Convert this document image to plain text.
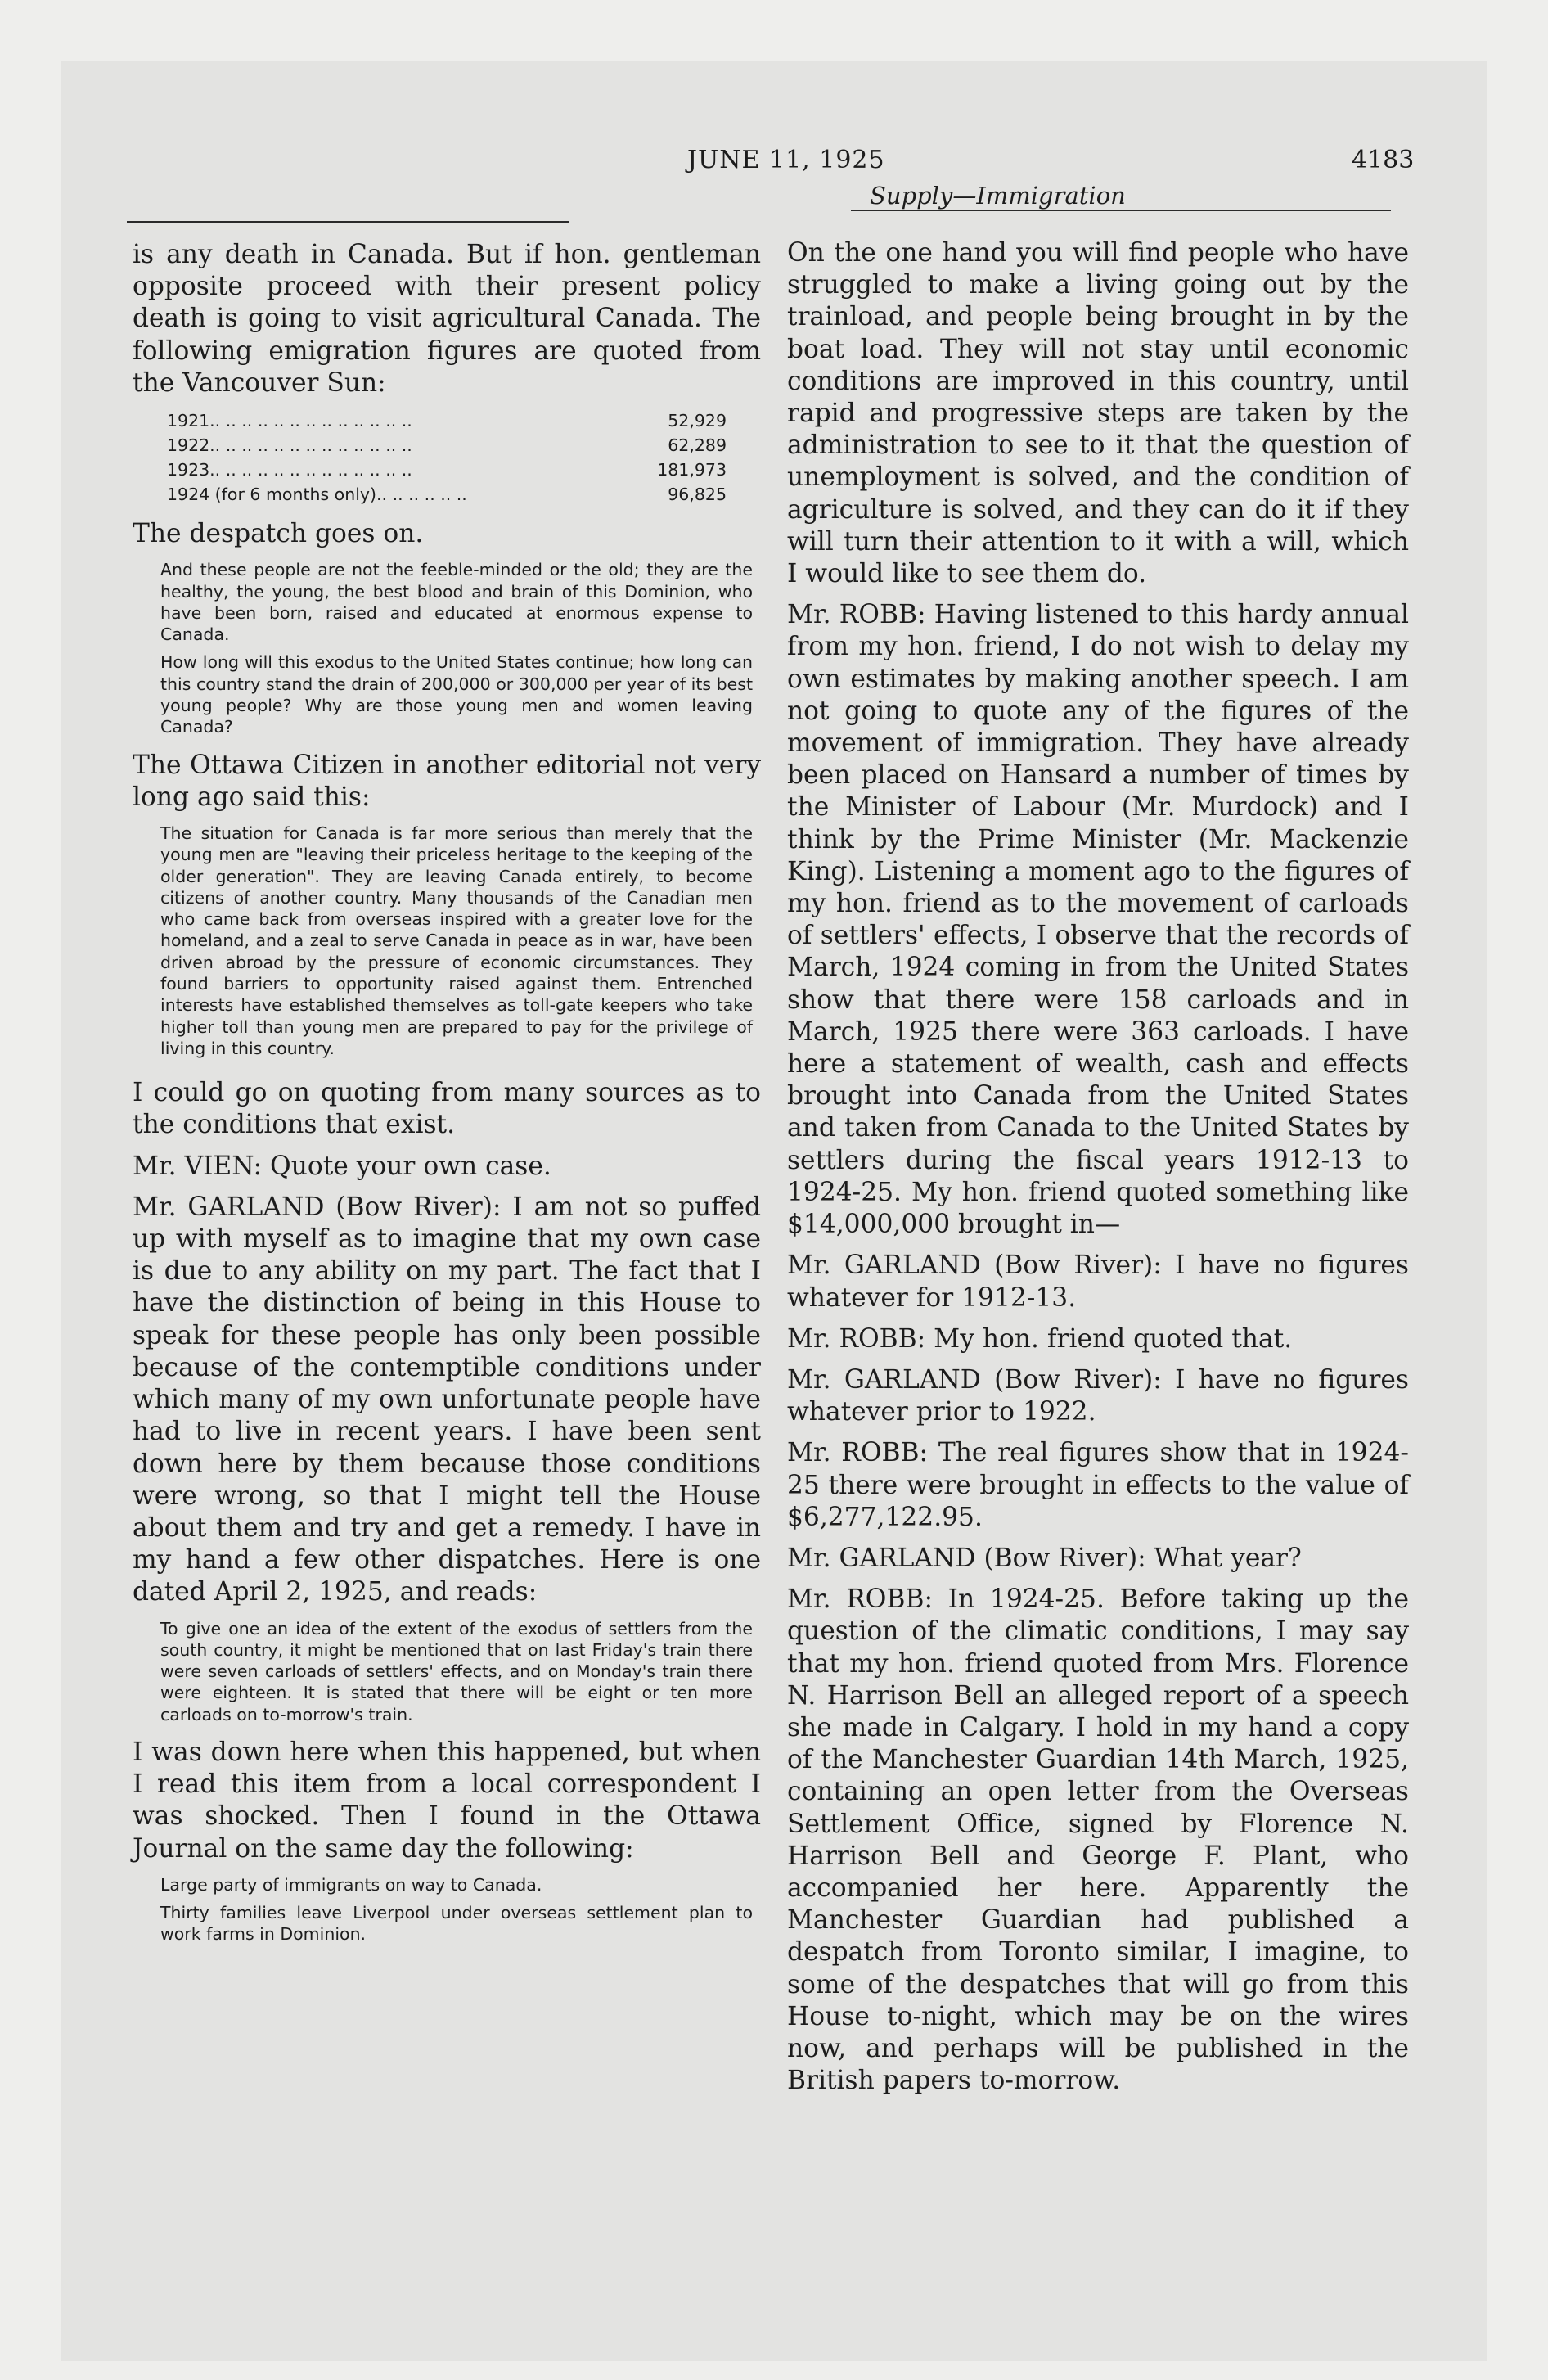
JUNE 11, 1925	4183
Supply—Immigration

is any death in Canada. But if hon. gentleman opposite proceed with their present policy death is going to visit agricultural Canada. The following emigration figures are quoted from the Vancouver Sun:

1921.. .. .. .. .. .. .. .. .. .. .. .. ..	52,929
1922.. .. .. .. .. .. .. .. .. .. .. .. ..	62,289
1923.. .. .. .. .. .. .. .. .. .. .. .. ..	181,973
1924 (for 6 months only).. .. .. .. .. ..	96,825

The despatch goes on.

And these people are not the feeble-minded or the old; they are the healthy, the young, the best blood and brain of this Dominion, who have been born, raised and educated at enormous expense to Canada.

How long will this exodus to the United States continue; how long can this country stand the drain of 200,000 or 300,000 per year of its best young people? Why are those young men and women leaving Canada?

The Ottawa Citizen in another editorial not very long ago said this:

The situation for Canada is far more serious than merely that the young men are "leaving their priceless heritage to the keeping of the older generation". They are leaving Canada entirely, to become citizens of another country. Many thousands of the Canadian men who came back from overseas inspired with a greater love for the homeland, and a zeal to serve Canada in peace as in war, have been driven abroad by the pressure of economic circumstances. They found barriers to opportunity raised against them. Entrenched interests have established themselves as toll-gate keepers who take higher toll than young men are prepared to pay for the privilege of living in this country.

I could go on quoting from many sources as to the conditions that exist.

Mr. VIEN: Quote your own case.

Mr. GARLAND (Bow River): I am not so puffed up with myself as to imagine that my own case is due to any ability on my part. The fact that I have the distinction of being in this House to speak for these people has only been possible because of the contemptible conditions under which many of my own unfortunate people have had to live in recent years. I have been sent down here by them because those conditions were wrong, so that I might tell the House about them and try and get a remedy. I have in my hand a few other dispatches. Here is one dated April 2, 1925, and reads:

To give one an idea of the extent of the exodus of settlers from the south country, it might be mentioned that on last Friday's train there were seven carloads of settlers' effects, and on Monday's train there were eighteen. It is stated that there will be eight or ten more carloads on to-morrow's train.

I was down here when this happened, but when I read this item from a local correspondent I was shocked. Then I found in the Ottawa Journal on the same day the following:

Large party of immigrants on way to Canada.

Thirty families leave Liverpool under overseas settlement plan to work farms in Dominion.

On the one hand you will find people who have struggled to make a living going out by the trainload, and people being brought in by the boat load. They will not stay until economic conditions are improved in this country, until rapid and progressive steps are taken by the administration to see to it that the question of unemployment is solved, and the condition of agriculture is solved, and they can do it if they will turn their attention to it with a will, which I would like to see them do.

Mr. ROBB: Having listened to this hardy annual from my hon. friend, I do not wish to delay my own estimates by making another speech. I am not going to quote any of the figures of the movement of immigration. They have already been placed on Hansard a number of times by the Minister of Labour (Mr. Murdock) and I think by the Prime Minister (Mr. Mackenzie King). Listening a moment ago to the figures of my hon. friend as to the movement of carloads of settlers' effects, I observe that the records of March, 1924 coming in from the United States show that there were 158 carloads and in March, 1925 there were 363 carloads. I have here a statement of wealth, cash and effects brought into Canada from the United States and taken from Canada to the United States by settlers during the fiscal years 1912-13 to 1924-25. My hon. friend quoted something like $14,000,000 brought in—

Mr. GARLAND (Bow River): I have no figures whatever for 1912-13.

Mr. ROBB: My hon. friend quoted that.

Mr. GARLAND (Bow River): I have no figures whatever prior to 1922.

Mr. ROBB: The real figures show that in 1924-25 there were brought in effects to the value of $6,277,122.95.

Mr. GARLAND (Bow River): What year?

Mr. ROBB: In 1924-25. Before taking up the question of the climatic conditions, I may say that my hon. friend quoted from Mrs. Florence N. Harrison Bell an alleged report of a speech she made in Calgary. I hold in my hand a copy of the Manchester Guardian 14th March, 1925, containing an open letter from the Overseas Settlement Office, signed by Florence N. Harrison Bell and George F. Plant, who accompanied her here. Apparently the Manchester Guardian had published a despatch from Toronto similar, I imagine, to some of the despatches that will go from this House to-night, which may be on the wires now, and perhaps will be published in the British papers to-morrow.
